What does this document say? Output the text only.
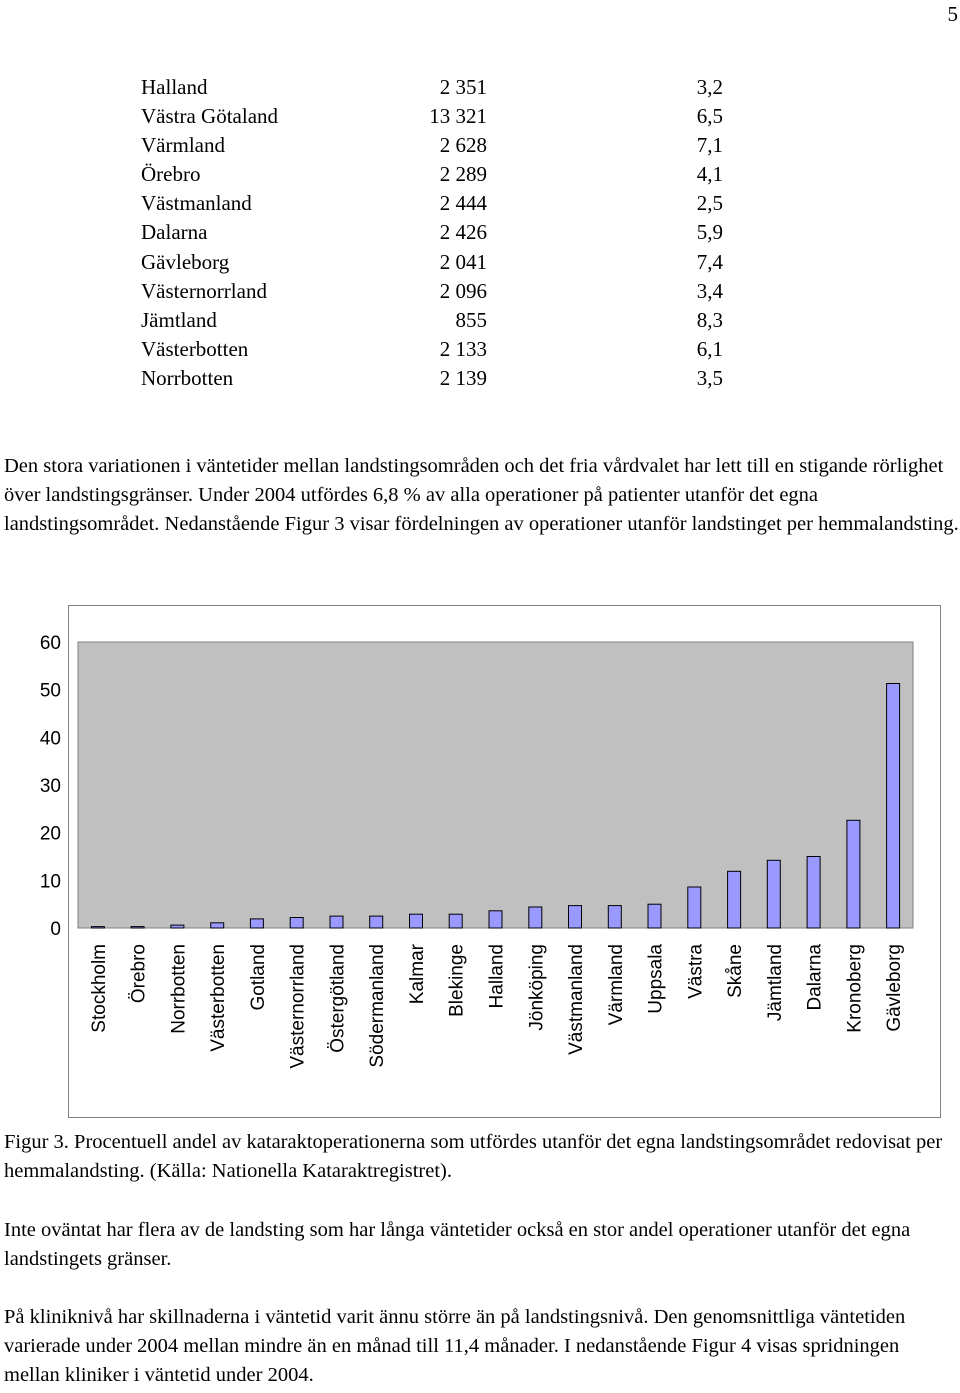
5
Halland	2 351	3,2
Västra Götaland	13 321	6,5
Värmland	2 628	7,1
Örebro	2 289	4,1
Västmanland	2 444	2,5
Dalarna	2 426	5,9
Gävleborg	2 041	7,4
Västernorrland	2 096	3,4
Jämtland	855	8,3
Västerbotten	2 133	6,1
Norrbotten	2 139	3,5

Den stora variationen i väntetider mellan landstingsområden och det fria vårdvalet har lett till en stigande rörlighet över landstingsgränser. Under 2004 utfördes 6,8 % av alla operationer på patienter utanför det egna landstingsområdet. Nedanstående Figur 3 visar fördelningen av operationer utanför landstinget per hemmalandsting.

0
10
20
30
40
50
60
Stockholm Örebro Norrbotten Västerbotten Gotland Västernorrland Östergötland Södermanland Kalmar Blekinge Halland Jönköping Västmanland Värmland Uppsala Västra Skåne Jämtland Dalarna Kronoberg Gävleborg

Figur 3. Procentuell andel av kataraktoperationerna som utfördes utanför det egna landstingsområdet redovisat per hemmalandsting. (Källa: Nationella Kataraktregistret).

Inte oväntat har flera av de landsting som har långa väntetider också en stor andel operationer utanför det egna landstingets gränser.

På kliniknivå har skillnaderna i väntetid varit ännu större än på landstingsnivå. Den genomsnittliga väntetiden varierade under 2004 mellan mindre än en månad till 11,4 månader. I nedanstående Figur 4 visas spridningen mellan kliniker i väntetid under 2004.
